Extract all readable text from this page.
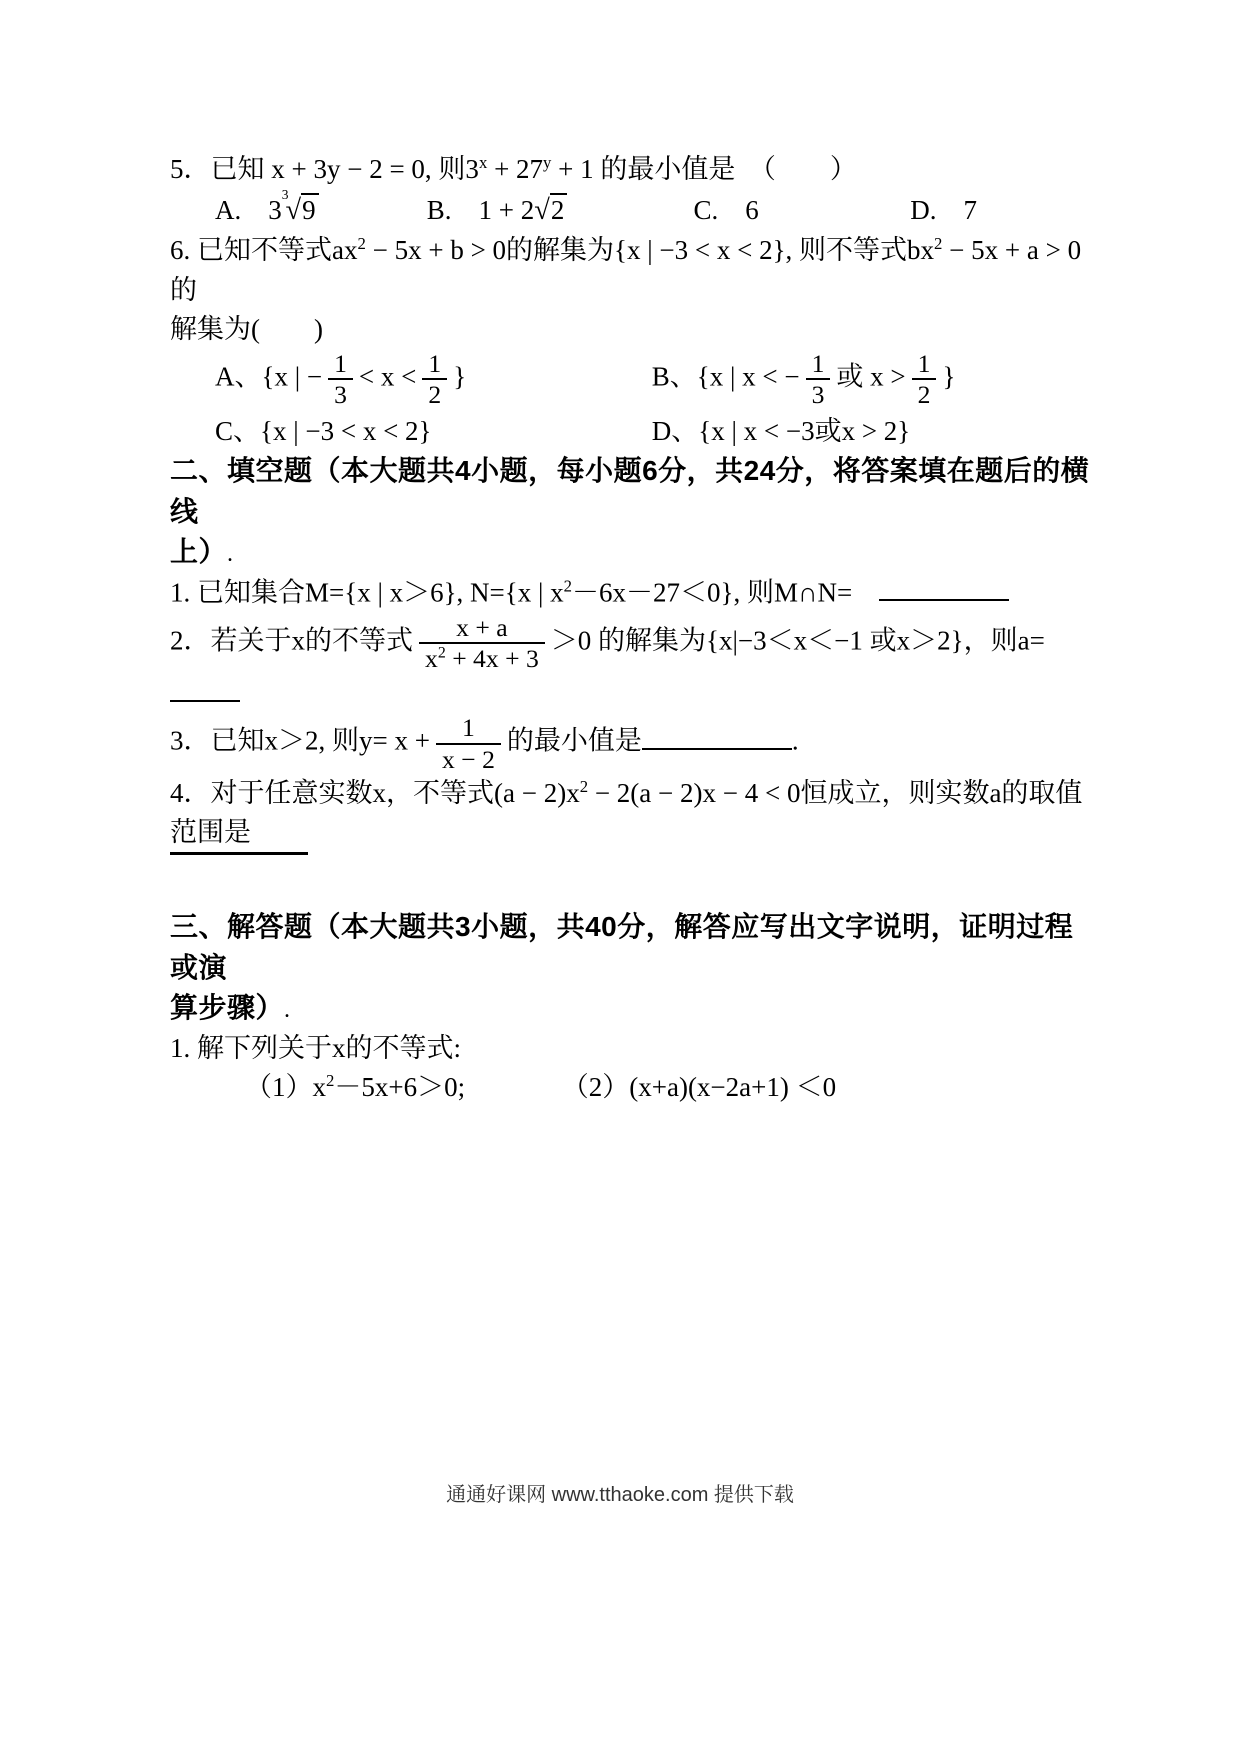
5．已知 x + 3y − 2 = 0, 则$3^x + 27^y + 1$ 的最小值是　（　　）

A.　$3^3√9$	B.　1 + 2√2	C.　6	D.　7

6. 已知不等式$ax^2 - 5x + b > 0$的解集为{x | −3 < x < 2}, 则不等式$bx^2 - 5x + a > 0$的

解集为(　　)

A、{x | − $\frac{1}{3} < x < \frac{1}{2}$ }	B、{x | x < − $\frac{1}{3}$ 或 $x > \frac{1}{2}$ }

C、{x | −3 < x < 2}	D、{x | x < −3或x > 2}

二、填空题（本大题共4小题，每小题6分，共24分，将答案填在题后的横线

上）.

1. 已知集合M={x | x＞6}, N={x | $x^2-6x-27<0$}, 则M∩N=　

2．若关于x的不等式 $\frac{x + a}{x^2 + 4x + 3} >0$ 的解集为{x|−3＜x＜−1 或x＞2}，则a=　

3．已知x＞2, 则$y= x + \frac{1}{x - 2}$ 的最小值是	.

4．对于任意实数x，不等式$(a - 2)x^2 - 2(a - 2)x - 4 < 0$恒成立，则实数a的取值

范围是

三、解答题（本大题共3小题，共40分，解答应写出文字说明，证明过程或演

算步骤）.

1. 解下列关于x的不等式:

$(1)x^2-5x+6>0$;	（2）(x+a)(x−2a+1) ＜0

通通好课网 www.tthaoke.com 提供下载
